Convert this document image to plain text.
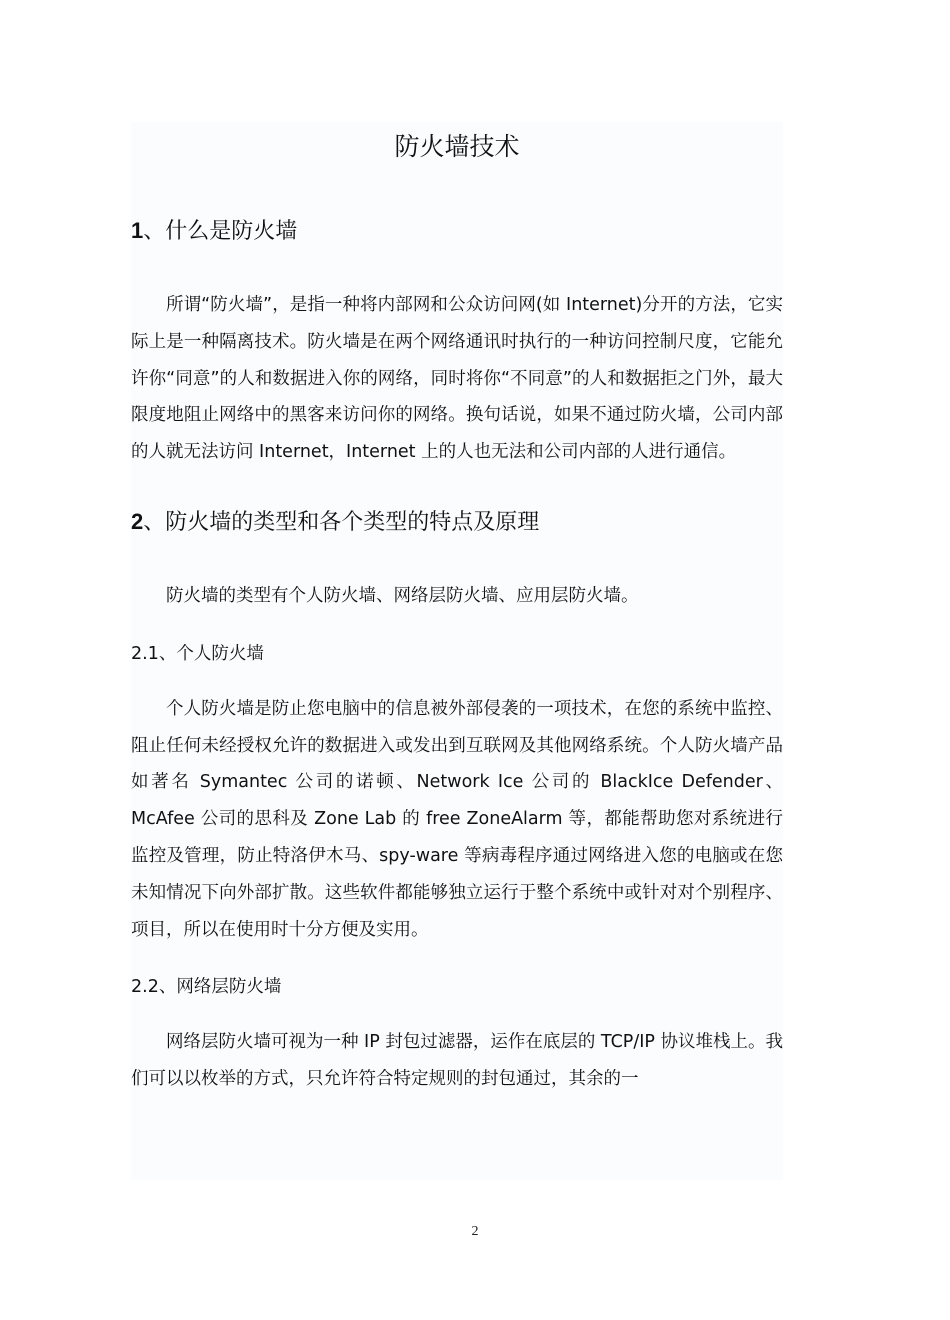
防火墙技术
1、什么是防火墙

所谓“防火墙”，是指一种将内部网和公众访问网(如 Internet)分开的方法，它实际上是一种隔离技术。防火墙是在两个网络通讯时执行的一种访问控制尺度，它能允许你“同意”的人和数据进入你的网络，同时将你“不同意”的人和数据拒之门外，最大限度地阻止网络中的黑客来访问你的网络。换句话说，如果不通过防火墙，公司内部的人就无法访问 Internet，Internet 上的人也无法和公司内部的人进行通信。

2、防火墙的类型和各个类型的特点及原理

防火墙的类型有个人防火墙、网络层防火墙、应用层防火墙。

2.1、个人防火墙

个人防火墙是防止您电脑中的信息被外部侵袭的一项技术，在您的系统中监控、阻止任何未经授权允许的数据进入或发出到互联网及其他网络系统。个人防火墙产品如著名 Symantec 公司的诺顿、Network Ice 公司的 BlackIce Defender、McAfee 公司的思科及 Zone Lab 的 free ZoneAlarm 等，都能帮助您对系统进行监控及管理，防止特洛伊木马、spy-ware 等病毒程序通过网络进入您的电脑或在您未知情况下向外部扩散。这些软件都能够独立运行于整个系统中或针对对个别程序、项目，所以在使用时十分方便及实用。

2.2、网络层防火墙

网络层防火墙可视为一种 IP 封包过滤器，运作在底层的 TCP/IP 协议堆栈上。我们可以以枚举的方式，只允许符合特定规则的封包通过，其余的一

2
